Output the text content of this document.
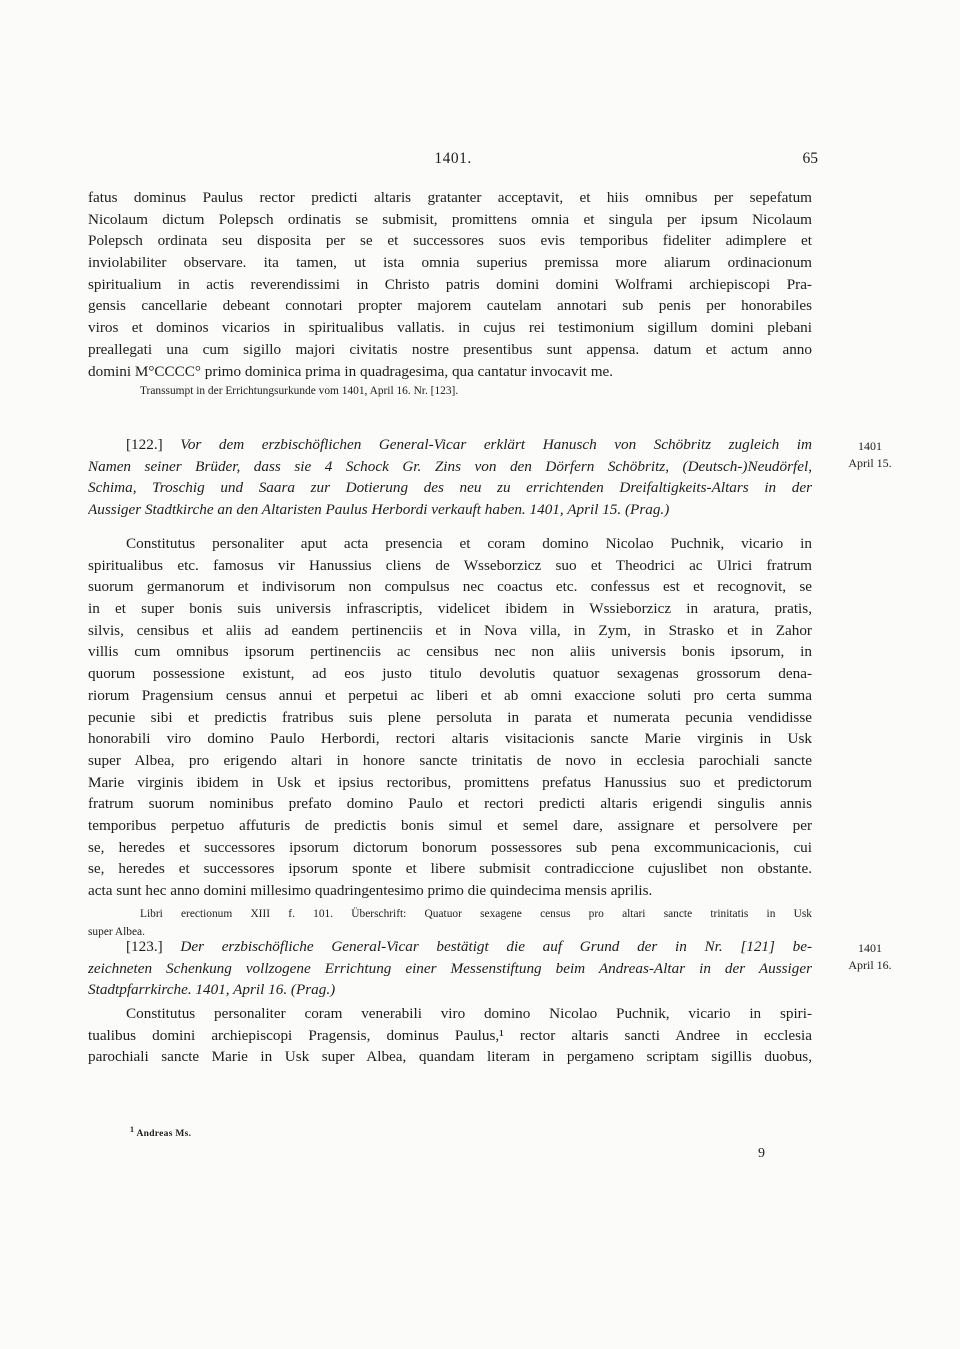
1401.	65
fatus dominus Paulus rector predicti altaris gratanter acceptavit, et hiis omnibus per sepefatum
Nicolaum dictum Polepsch ordinatis se submisit, promittens omnia et singula per ipsum Nicolaum
Polepsch ordinata seu disposita per se et successores suos evis temporibus fideliter adimplere et
inviolabiliter observare. ita tamen, ut ista omnia superius premissa more aliarum ordinacionum
spiritualium in actis reverendissimi in Christo patris domini domini Wolframi archiepiscopi Pra-
gensis cancellarie debeant connotari propter majorem cautelam annotari sub penis per honorabiles
viros et dominos vicarios in spiritualibus vallatis. in cujus rei testimonium sigillum domini plebani
preallegati una cum sigillo majori civitatis nostre presentibus sunt appensa. datum et actum anno
domini M°CCCC° primo dominica prima in quadragesima, qua cantatur invocavit me.
Transsumpt in der Errichtungsurkunde vom 1401, April 16. Nr. [123].
[122.] Vor dem erzbischöflichen General-Vicar erklärt Hanusch von Schöbritz zugleich im
Namen seiner Brüder, dass sie 4 Schock Gr. Zins von den Dörfern Schöbritz, (Deutsch-)Neudörfel,
Schima, Troschig und Saara zur Dotierung des neu zu errichtenden Dreifaltigkeits-Altars in der
Aussiger Stadtkirche an den Altaristen Paulus Herbordi verkauft haben. 1401, April 15. (Prag.)
1401
April 15.
Constitutus personaliter aput acta presencia et coram domino Nicolao Puchnik, vicario in
spiritualibus etc. famosus vir Hanussius cliens de Wsseborzicz suo et Theodrici ac Ulrici fratrum
suorum germanorum et indivisorum non compulsus nec coactus etc. confessus est et recognovit, se
in et super bonis suis universis infrascriptis, videlicet ibidem in Wssieborzicz in aratura, pratis,
silvis, censibus et aliis ad eandem pertinenciis et in Nova villa, in Zym, in Strasko et in Zahor
villis cum omnibus ipsorum pertinenciis ac censibus nec non aliis universis bonis ipsorum, in
quorum possessione existunt, ad eos justo titulo devolutis quatuor sexagenas grossorum dena-
riorum Pragensium census annui et perpetui ac liberi et ab omni exaccione soluti pro certa summa
pecunie sibi et predictis fratribus suis plene persoluta in parata et numerata pecunia vendidisse
honorabili viro domino Paulo Herbordi, rectori altaris visitacionis sancte Marie virginis in Usk
super Albea, pro erigendo altari in honore sancte trinitatis de novo in ecclesia parochiali sancte
Marie virginis ibidem in Usk et ipsius rectoribus, promittens prefatus Hanussius suo et predictorum
fratrum suorum nominibus prefato domino Paulo et rectori predicti altaris erigendi singulis annis
temporibus perpetuo affuturis de predictis bonis simul et semel dare, assignare et persolvere per
se, heredes et successores ipsorum dictorum bonorum possessores sub pena excommunicacionis, cui
se, heredes et successores ipsorum sponte et libere submisit contradiccione cujuslibet non obstante.
acta sunt hec anno domini millesimo quadringentesimo primo die quindecima mensis aprilis.
Libri erectionum XIII f. 101. Überschrift: Quatuor sexagene census pro altari sancte trinitatis in Usk
super Albea.
[123.] Der erzbischöfliche General-Vicar bestätigt die auf Grund der in Nr. [121] be-
zeichneten Schenkung vollzogene Errichtung einer Messenstiftung beim Andreas-Altar in der Aussiger
Stadtpfarrkirche. 1401, April 16. (Prag.)
1401
April 16.
Constitutus personaliter coram venerabili viro domino Nicolao Puchnik, vicario in spiri-
tualibus domini archiepiscopi Pragensis, dominus Paulus,¹ rector altaris sancti Andree in ecclesia
parochiali sancte Marie in Usk super Albea, quandam literam in pergameno scriptam sigillis duobus,
$^1$ Andreas Ms.
9
